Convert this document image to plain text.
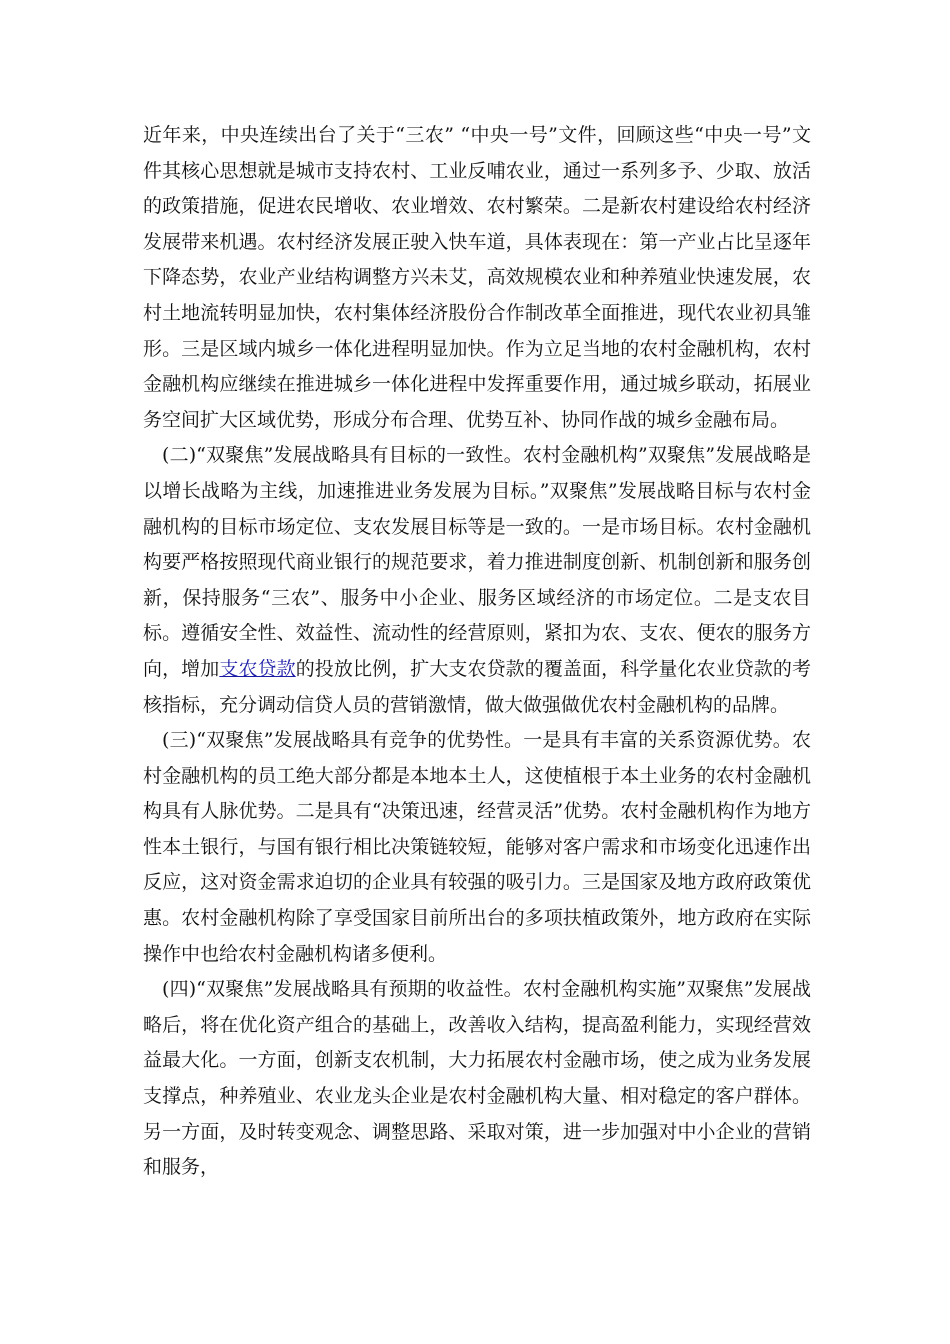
近年来，中央连续出台了关于“三农” “中央一号”文件，回顾这些“中央一号”文件其核心思想就是城市支持农村、工业反哺农业，通过一系列多予、少取、放活的政策措施，促进农民增收、农业增效、农村繁荣。二是新农村建设给农村经济发展带来机遇。农村经济发展正驶入快车道，具体表现在：第一产业占比呈逐年下降态势，农业产业结构调整方兴未艾，高效规模农业和种养殖业快速发展，农村土地流转明显加快，农村集体经济股份合作制改革全面推进，现代农业初具雏形。三是区域内城乡一体化进程明显加快。作为立足当地的农村金融机构，农村金融机构应继续在推进城乡一体化进程中发挥重要作用，通过城乡联动，拓展业务空间扩大区域优势，形成分布合理、优势互补、协同作战的城乡金融布局。

(二)“双聚焦”发展战略具有目标的一致性。农村金融机构”双聚焦”发展战略是以增长战略为主线，加速推进业务发展为目标。”双聚焦”发展战略目标与农村金融机构的目标市场定位、支农发展目标等是一致的。一是市场目标。农村金融机构要严格按照现代商业银行的规范要求，着力推进制度创新、机制创新和服务创新，保持服务“三农”、服务中小企业、服务区域经济的市场定位。二是支农目标。遵循安全性、效益性、流动性的经营原则，紧扣为农、支农、便农的服务方向，增加支农贷款的投放比例，扩大支农贷款的覆盖面，科学量化农业贷款的考核指标，充分调动信贷人员的营销激情，做大做强做优农村金融机构的品牌。

(三)“双聚焦”发展战略具有竞争的优势性。一是具有丰富的关系资源优势。农村金融机构的员工绝大部分都是本地本土人，这使植根于本土业务的农村金融机构具有人脉优势。二是具有“决策迅速，经营灵活”优势。农村金融机构作为地方性本土银行，与国有银行相比决策链较短，能够对客户需求和市场变化迅速作出反应，这对资金需求迫切的企业具有较强的吸引力。三是国家及地方政府政策优惠。农村金融机构除了享受国家目前所出台的多项扶植政策外，地方政府在实际操作中也给农村金融机构诸多便利。

(四)“双聚焦”发展战略具有预期的收益性。农村金融机构实施”双聚焦”发展战略后，将在优化资产组合的基础上，改善收入结构，提高盈利能力，实现经营效益最大化。一方面，创新支农机制，大力拓展农村金融市场，使之成为业务发展支撑点，种养殖业、农业龙头企业是农村金融机构大量、相对稳定的客户群体。另一方面，及时转变观念、调整思路、采取对策，进一步加强对中小企业的营销和服务，
